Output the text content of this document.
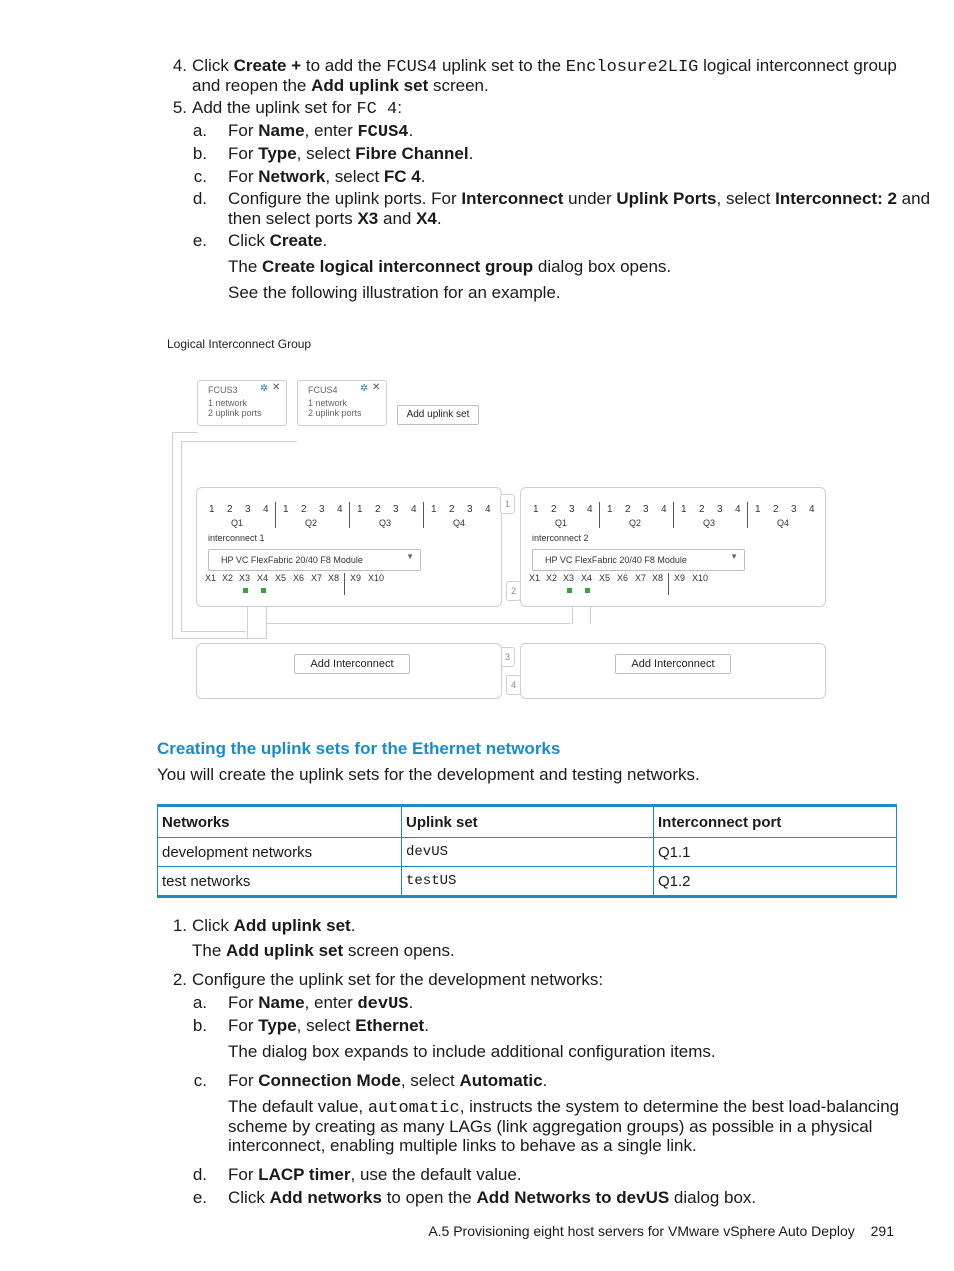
4. Click Create + to add the FCUS4 uplink set to the Enclosure2LIG logical interconnect group
and reopen the Add uplink set screen.
5. Add the uplink set for FC 4:
a. For Name, enter FCUS4.
b. For Type, select Fibre Channel.
c. For Network, select FC 4.
d. Configure the uplink ports. For Interconnect under Uplink Ports, select Interconnect: 2 and
then select ports X3 and X4.
e. Click Create.
The Create logical interconnect group dialog box opens.
See the following illustration for an example.
Logical Interconnect Group
FCUS3
1 network
2 uplink ports
✲ ✕	FCUS4
1 network
2 uplink ports
✲ ✕
Add uplink set
1 2 3 4
Q1
1 2 3 4
Q2
1 2 3 4
Q3
1 2 3 4
Q4
interconnect 1
HP VC FlexFabric 20/40 F8 Module	▼
X1 X2 X3 X4 X5 X6 X7 X8 X9 X10
1 2 3 4
Q1
1 2 3 4
Q2
1 2 3 4
Q3
1 2 3 4
Q4
interconnect 2
HP VC FlexFabric 20/40 F8 Module	▼
X1 X2 X3 X4 X5 X6 X7 X8 X9 X10
1
2
3
4
Add Interconnect	Add Interconnect
Creating the uplink sets for the Ethernet networks
You will create the uplink sets for the development and testing networks.
Networks	Uplink set	Interconnect port
development networks	devUS	Q1.1
test networks	testUS	Q1.2
1. Click Add uplink set.
The Add uplink set screen opens.
2. Configure the uplink set for the development networks:
a. For Name, enter devUS.
b. For Type, select Ethernet.
The dialog box expands to include additional configuration items.
c. For Connection Mode, select Automatic.
The default value, automatic, instructs the system to determine the best load-balancing
scheme by creating as many LAGs (link aggregation groups) as possible in a physical
interconnect, enabling multiple links to behave as a single link.
d. For LACP timer, use the default value.
e. Click Add networks to open the Add Networks to devUS dialog box.
A.5 Provisioning eight host servers for VMware vSphere Auto Deploy 291
